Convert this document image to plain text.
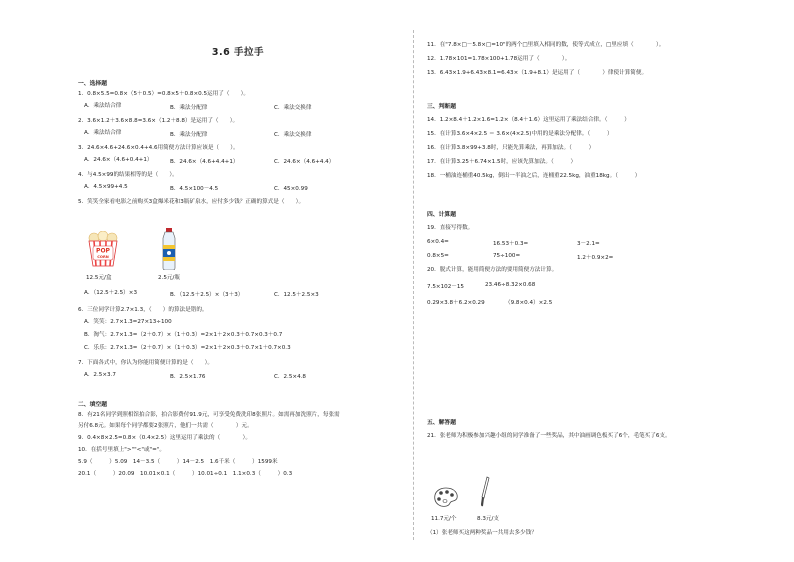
3.6 手拉手
一、选择题
1．0.8×5.5=0.8×（5＋0.5）=0.8×5＋0.8×0.5运用了（　　）。
A．乘法结合律	B．乘法分配律	C．乘法交换律
2．3.6×1.2＋3.6×8.8=3.6×（1.2＋8.8）是运用了（　　）。
A．乘法结合律	B．乘法分配律	C．乘法交换律
3．24.6×4.6+24.6×0.4+4.6用简便方法计算应该是（　　）。
A．24.6×（4.6+0.4+1）	B．24.6×（4.6+4.4+1）	C．24.6×（4.6+4.4）
4．与4.5×99的结果相等的是（　　）。
A．4.5×99+4.5	B．4.5×100－4.5	C．45×0.99
5．笑笑全家看电影之前购买3盒爆米花和3瓶矿泉水，应付多少钱？正确的算式是（　　）。
POP
CORN
12.5元/盒	2.5元/瓶
A．（12.5＋2.5）×3	B．（12.5＋2.5）×（3＋3）	C．12.5＋2.5×3
6．三位同学计算2.7×1.3，（　　）的算法是错的。
A．笑笑：2.7×1.3=27×13÷100
B．淘气：2.7×1.3=（2＋0.7）×（1＋0.3）=2×1＋2×0.3＋0.7×0.3＋0.7
C．乐乐：2.7×1.3=（2＋0.7）×（1＋0.3）=2×1＋2×0.3＋0.7×1＋0.7×0.3
7．下面各式中，你认为你能用简便计算的是（　　）。
A．2.5×3.7	B．2.5×1.76	C．2.5×4.8
二、填空题
8．有21名同学到照相馆拍合影，拍合影费付91.9元，可享受免费洗印8张照片。如需再加洗照片，每张需
另付6.8元。如果每个同学都要2张照片，他们一共需（　　　　）元。
9．0.4×8×2.5=0.8×（0.4×2.5）这里运用了乘法的（　　　　）。
10．在括号里填上">""<"或"="。
5.9（　　　）5.09　14－3.5（　　　）14－2.5　1.6千米（　　　）1599米
20.1（　　　）20.09　10.01×0.1（　　　）10.01÷0.1　1.1×0.3（　　　）0.3
11．在"7.8×□－5.8×□=10"的两个□里填入相同的数，使等式成立，□里应填（　　　　）。
12．1.78×101=1.78×100+1.78运用了（　　　　）。
13．6.43×1.9+6.43×8.1=6.43×（1.9+8.1）是运用了（　　　　）律使计算简便。
三、判断题
14．1.2×8.4＋1.2×1.6=1.2×（8.4＋1.6）这里运用了乘法结合律。（　　　）
15．在计算3.6×4×2.5 ＝ 3.6×(4×2.5)中用的是乘法分配律。（　　　）
16．在计算3.8×99+3.8时，只能先算乘法，再算加法。（　　　）
17．在计算3.25＋6.74×1.5时，应该先算加法。（　　　）
18．一桶油连桶重40.5kg，倒出一半油之后，连桶重22.5kg，油重18kg。（　　　）
四、计算题
19．直接写得数。
6×0.4=	16.53＋0.3=	3－2.1=
0.8×5=	75÷100=	1.2＋0.9×2=
20．脱式计算，能用简便方法的要用简便方法计算。
7.5×102－15	23.46÷8.32×0.68
0.29×3.8＋6.2×0.29	（9.8×0.4）×2.5
五、解答题
21．张老师为积极参加兴趣小组的同学准备了一些奖品，其中油画调色板买了6个，毛笔买了6支。
11.7元/个	8.3元/支
（1）张老师买这两种奖品一共用去多少钱？
